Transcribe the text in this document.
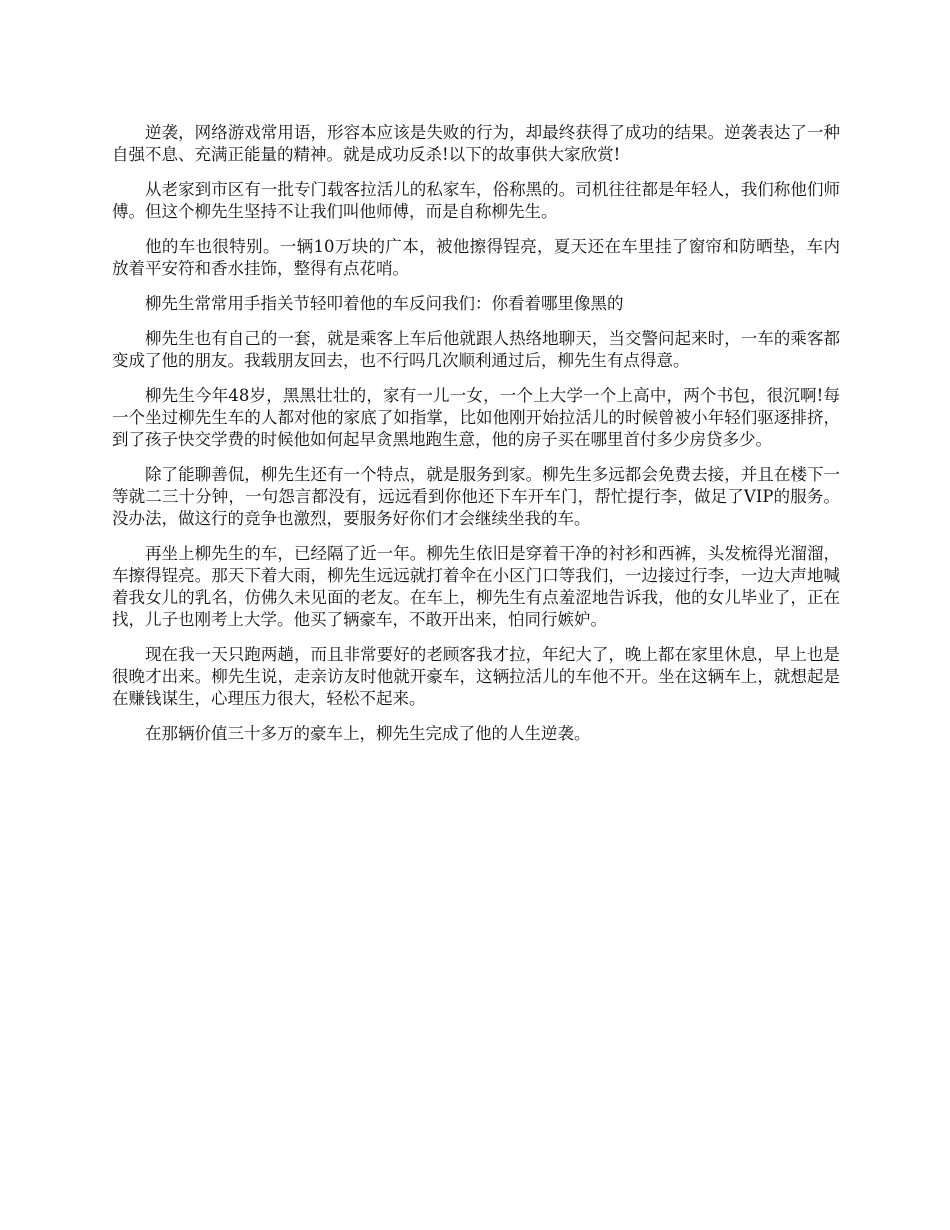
逆袭，网络游戏常用语，形容本应该是失败的行为，却最终获得了成功的结果。逆袭表达了一种自强不息、充满正能量的精神。就是成功反杀!以下的故事供大家欣赏!

从老家到市区有一批专门载客拉活儿的私家车，俗称黑的。司机往往都是年轻人，我们称他们师傅。但这个柳先生坚持不让我们叫他师傅，而是自称柳先生。

他的车也很特别。一辆10万块的广本，被他擦得锃亮，夏天还在车里挂了窗帘和防晒垫，车内放着平安符和香水挂饰，整得有点花哨。

柳先生常常用手指关节轻叩着他的车反问我们：你看着哪里像黑的

柳先生也有自己的一套，就是乘客上车后他就跟人热络地聊天，当交警问起来时，一车的乘客都变成了他的朋友。我载朋友回去，也不行吗几次顺利通过后，柳先生有点得意。

柳先生今年48岁，黑黑壮壮的，家有一儿一女，一个上大学一个上高中，两个书包，很沉啊!每一个坐过柳先生车的人都对他的家底了如指掌，比如他刚开始拉活儿的时候曾被小年轻们驱逐排挤，到了孩子快交学费的时候他如何起早贪黑地跑生意，他的房子买在哪里首付多少房贷多少。

除了能聊善侃，柳先生还有一个特点，就是服务到家。柳先生多远都会免费去接，并且在楼下一等就二三十分钟，一句怨言都没有，远远看到你他还下车开车门，帮忙提行李，做足了VIP的服务。没办法，做这行的竞争也激烈，要服务好你们才会继续坐我的车。

再坐上柳先生的车，已经隔了近一年。柳先生依旧是穿着干净的衬衫和西裤，头发梳得光溜溜，车擦得锃亮。那天下着大雨，柳先生远远就打着伞在小区门口等我们，一边接过行李，一边大声地喊着我女儿的乳名，仿佛久未见面的老友。在车上，柳先生有点羞涩地告诉我，他的女儿毕业了，正在找，儿子也刚考上大学。他买了辆豪车，不敢开出来，怕同行嫉妒。

现在我一天只跑两趟，而且非常要好的老顾客我才拉，年纪大了，晚上都在家里休息，早上也是很晚才出来。柳先生说，走亲访友时他就开豪车，这辆拉活儿的车他不开。坐在这辆车上，就想起是在赚钱谋生，心理压力很大，轻松不起来。

在那辆价值三十多万的豪车上，柳先生完成了他的人生逆袭。
